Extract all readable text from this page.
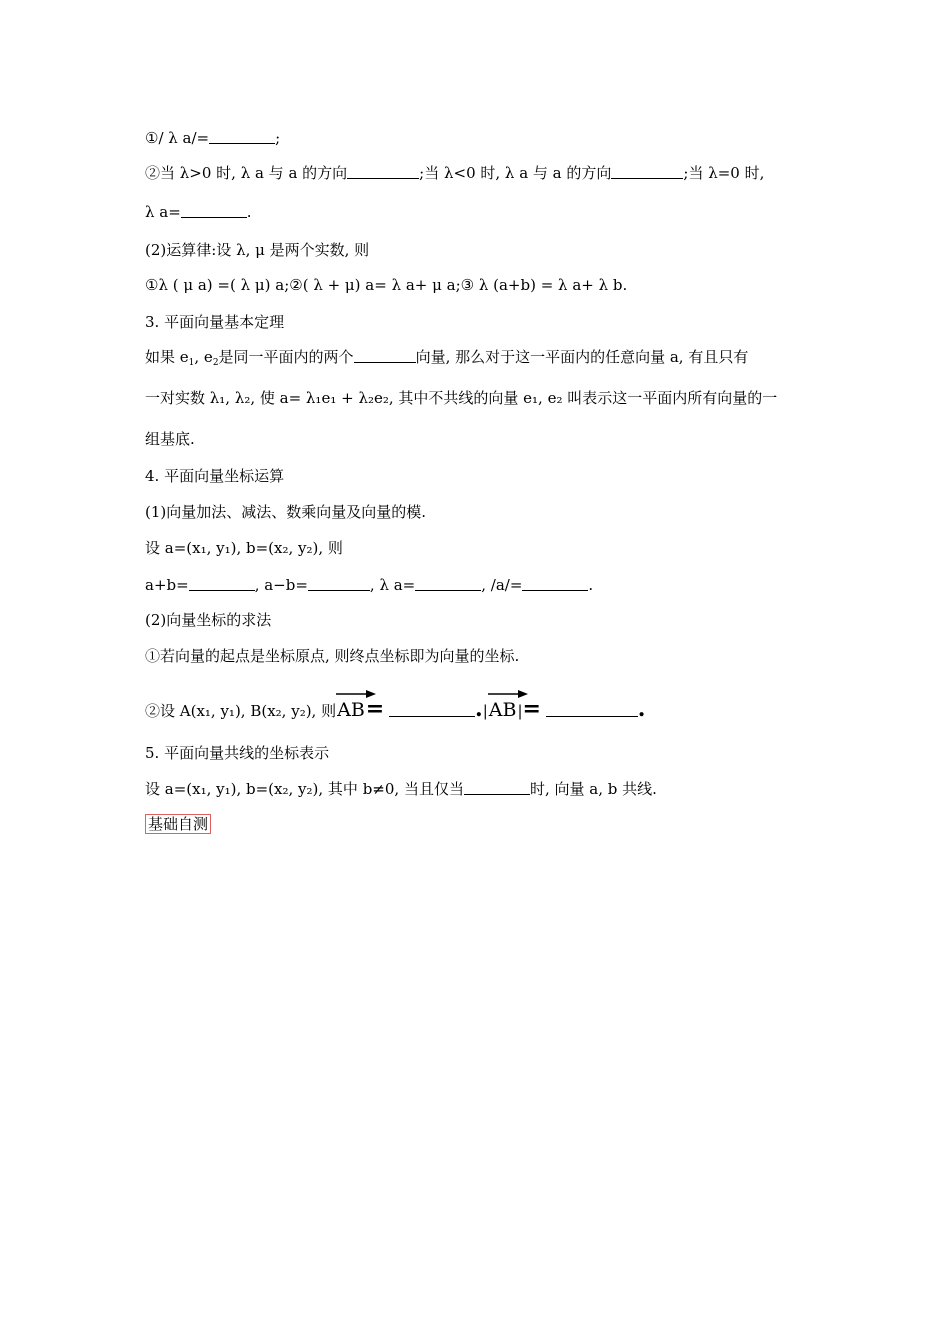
①/ λ a/=	;
②当 λ>0 时, λ a 与 a 的方向	;当 λ<0 时, λ a 与 a 的方向	;当 λ=0 时,
λ a=	.
(2)运算律:设 λ, μ 是两个实数, 则
①λ ( μ a) =( λ μ) a;②( λ + μ) a= λ a+ μ a;③ λ (a+b) = λ a+ λ b.
3. 平面向量基本定理
如果 $e_1$, $e_2$是同一平面内的两个	向量, 那么对于这一平面内的任意向量 a, 有且只有
一对实数 λ₁, λ₂, 使 a= λ₁e₁ + λ₂e₂, 其中不共线的向量 e₁, e₂ 叫表示这一平面内所有向量的一
组基底.
4. 平面向量坐标运算
(1)向量加法、减法、数乘向量及向量的模.
设 a=(x₁, y₁), b=(x₂, y₂), 则
a+b=	, a−b=	, λ a=	, /a/=	.
(2)向量坐标的求法
①若向量的起点是坐标原点, 则终点坐标即为向量的坐标.
②设 A(x₁, y₁), B(x₂, y₂), 则
AB=	.|
AB|=	.
5. 平面向量共线的坐标表示
设 a=(x₁, y₁), b=(x₂, y₂), 其中 b≠0, 当且仅当	时, 向量 a, b 共线.
基础自测
